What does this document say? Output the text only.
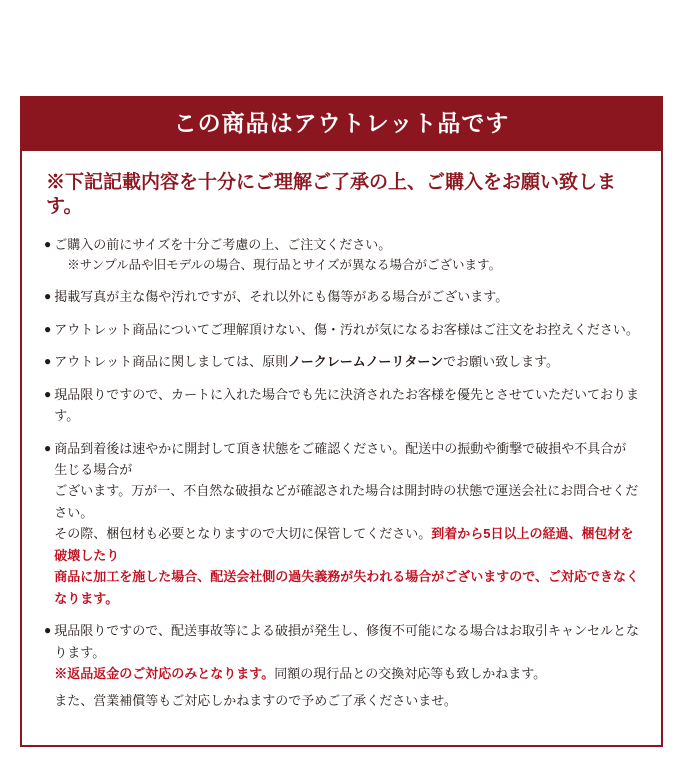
この商品はアウトレット品です
※下記記載内容を十分にご理解ご了承の上、ご購入をお願い致します。
● ご購入の前にサイズを十分ご考慮の上、ご注文ください。
※サンプル品や旧モデルの場合、現行品とサイズが異なる場合がございます。
● 掲載写真が主な傷や汚れですが、それ以外にも傷等がある場合がございます。
● アウトレット商品についてご理解頂けない、傷・汚れが気になるお客様はご注文をお控えください。
● アウトレット商品に関しましては、原則ノークレームノーリターンでお願い致します。
● 現品限りですので、カートに入れた場合でも先に決済されたお客様を優先とさせていただいております。
● 商品到着後は速やかに開封して頂き状態をご確認ください。配送中の振動や衝撃で破損や不具合が生じる場合が
ございます。万が一、不自然な破損などが確認された場合は開封時の状態で運送会社にお問合せください。
その際、梱包材も必要となりますので大切に保管してください。到着から5日以上の経過、梱包材を破壊したり
商品に加工を施した場合、配送会社側の過失義務が失われる場合がございますので、ご対応できなくなります。
● 現品限りですので、配送事故等による破損が発生し、修復不可能になる場合はお取引キャンセルとなります。
※返品返金のご対応のみとなります。同額の現行品との交換対応等も致しかねます。
また、営業補償等もご対応しかねますので予めご了承くださいませ。
